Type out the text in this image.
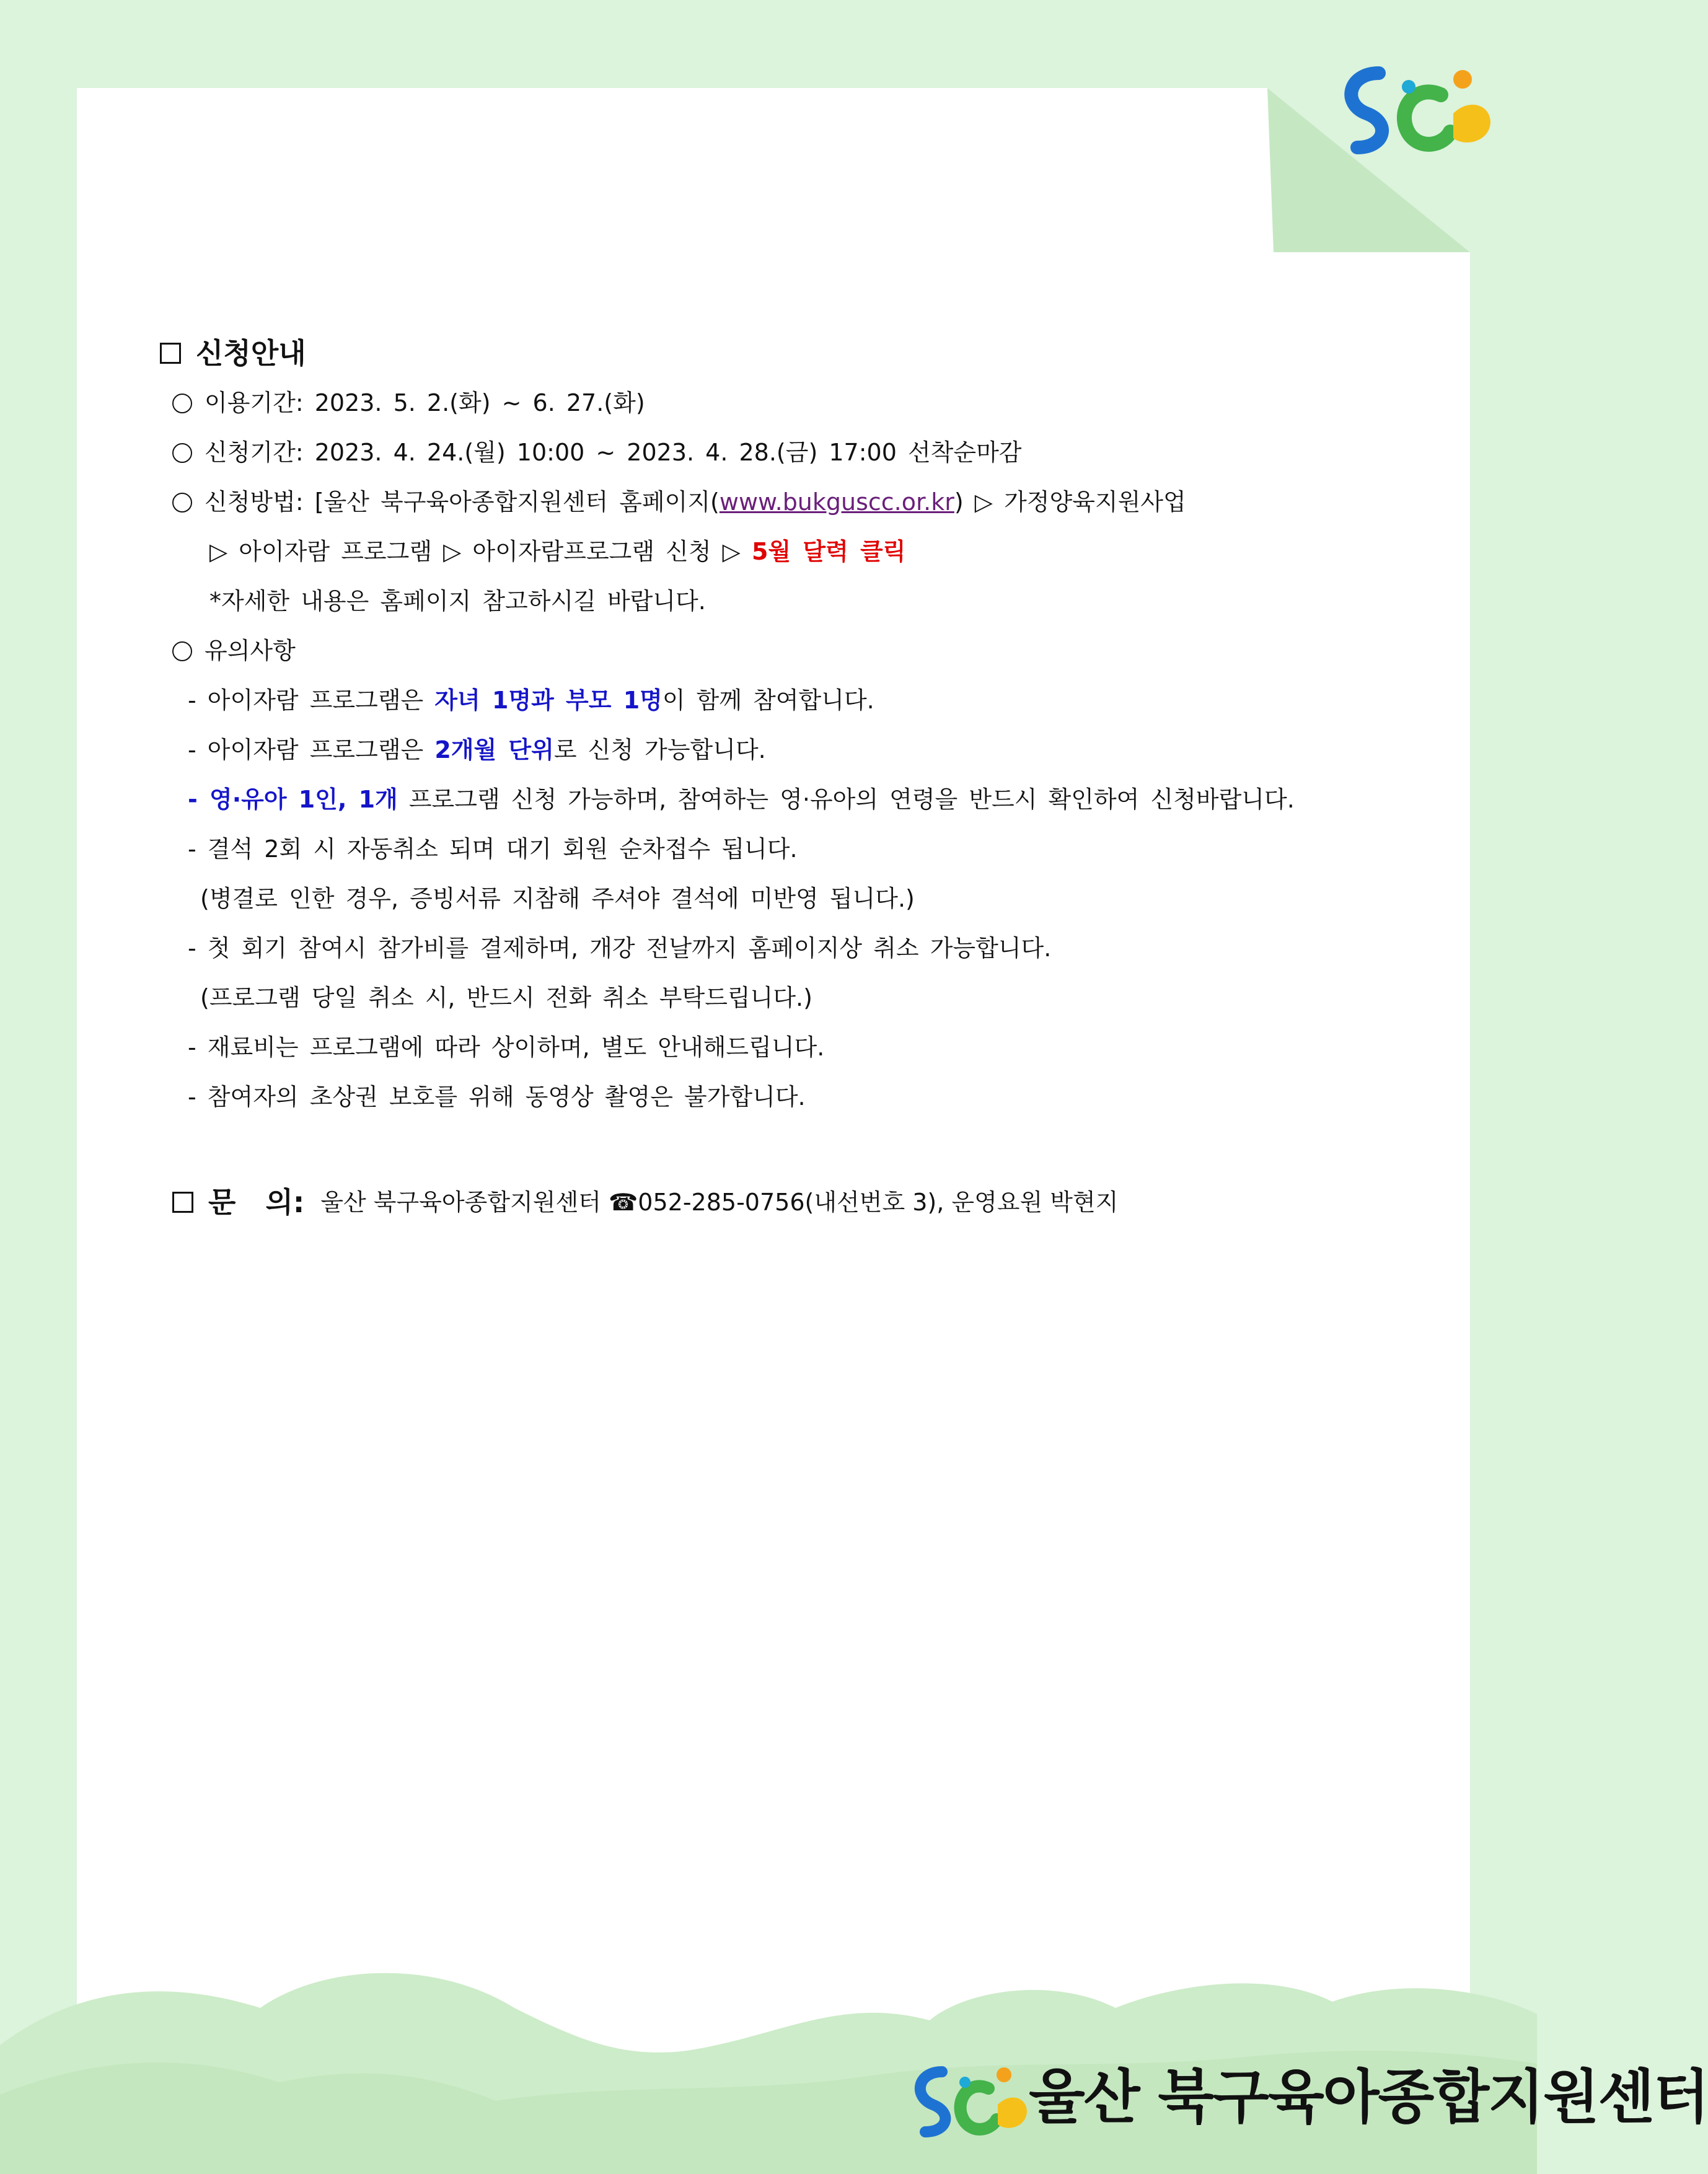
신청안내
이용기간: 2023. 5. 2.(화) ~ 6. 27.(화)
신청기간: 2023. 4. 24.(월) 10:00 ~ 2023. 4. 28.(금) 17:00 선착순마감
신청방법: [울산 북구육아종합지원센터 홈페이지(www.bukguscc.or.kr) ▷ 가정양육지원사업
▷ 아이자람 프로그램 ▷ 아이자람프로그램 신청 ▷ 5월 달력 클릭
*자세한 내용은 홈페이지 참고하시길 바랍니다.
유의사항
- 아이자람 프로그램은 자녀 1명과 부모 1명이 함께 참여합니다.
- 아이자람 프로그램은 2개월 단위로 신청 가능합니다.
- 영·유아 1인, 1개 프로그램 신청 가능하며, 참여하는 영·유아의 연령을 반드시 확인하여 신청바랍니다.
- 결석 2회 시 자동취소 되며 대기 회원 순차접수 됩니다.
(병결로 인한 경우, 증빙서류 지참해 주셔야 결석에 미반영 됩니다.)
- 첫 회기 참여시 참가비를 결제하며, 개강 전날까지 홈페이지상 취소 가능합니다.
(프로그램 당일 취소 시, 반드시 전화 취소 부탁드립니다.)
- 재료비는 프로그램에 따라 상이하며, 별도 안내해드립니다.
- 참여자의 초상권 보호를 위해 동영상 촬영은 불가합니다.
문   의: 울산 북구육아종합지원센터 ☎052-285-0756(내선번호 3), 운영요원 박현지
울산 북구육아종합지원센터
